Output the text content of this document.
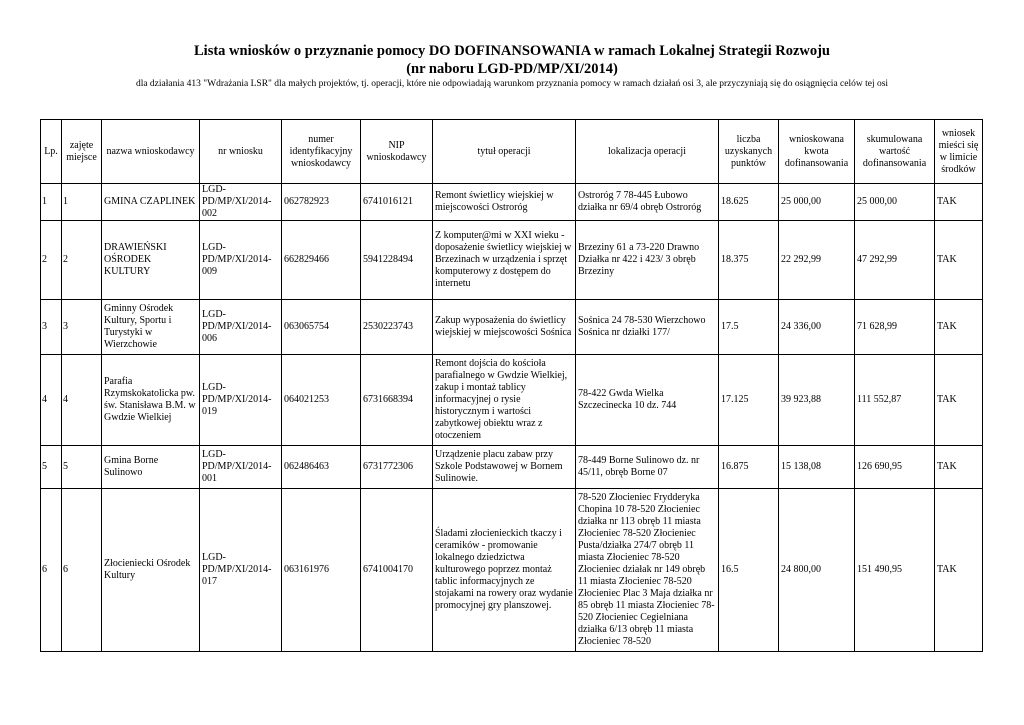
Lista wniosków o przyznanie pomocy DO DOFINANSOWANIA w ramach Lokalnej Strategii Rozwoju
(nr naboru LGD-PD/MP/XI/2014)
dla działania 413 "Wdrażania LSR" dla małych projektów, tj. operacji, które nie odpowiadają warunkom przyznania pomocy w ramach działań osi 3, ale przyczyniają się do osiągnięcia celów tej osi
Lp.	zajęte miejsce	nazwa wnioskodawcy	nr wniosku	numer identyfikacyjny wnioskodawcy	NIP wnioskodawcy	tytuł operacji	lokalizacja operacji	liczba uzyskanych punktów	wnioskowana kwota dofinansowania	skumulowana wartość dofinansowania	wniosek mieści się w limicie środków
1	1	GMINA CZAPLINEK	LGD-PD/MP/XI/2014-002	062782923	6741016121	Remont świetlicy wiejskiej w miejscowości Ostroróg	Ostroróg 7 78-445 Łubowo działka nr 69/4 obręb Ostroróg	18.625	25 000,00	25 000,00	TAK
2	2	DRAWIEŃSKI OŚRODEK KULTURY	LGD-PD/MP/XI/2014-009	662829466	5941228494	Z komputer@mi w XXI wieku - doposażenie świetlicy wiejskiej w Brzezinach w urządzenia i sprzęt komputerowy z dostępem do internetu	Brzeziny 61 a 73-220 Drawno Działka nr 422 i 423/ 3 obręb Brzeziny	18.375	22 292,99	47 292,99	TAK
3	3	Gminny Ośrodek Kultury, Sportu i Turystyki w Wierzchowie	LGD-PD/MP/XI/2014-006	063065754	2530223743	Zakup wyposażenia do świetlicy wiejskiej w miejscowości Sośnica	Sośnica 24 78-530 Wierzchowo Sośnica nr działki 177/	17.5	24 336,00	71 628,99	TAK
4	4	Parafia Rzymskokatolicka pw. św. Stanisława B.M. w Gwdzie Wielkiej	LGD-PD/MP/XI/2014-019	064021253	6731668394	Remont dojścia do kościoła parafialnego w Gwdzie Wielkiej, zakup i montaż tablicy informacyjnej o rysie historycznym i wartości zabytkowej obiektu wraz z otoczeniem	78-422 Gwda Wielka Szczecinecka 10 dz. 744	17.125	39 923,88	111 552,87	TAK
5	5	Gmina Borne Sulinowo	LGD-PD/MP/XI/2014-001	062486463	6731772306	Urządzenie placu zabaw przy Szkole Podstawowej w Bornem Sulinowie.	78-449 Borne Sulinowo dz. nr 45/11, obręb Borne 07	16.875	15 138,08	126 690,95	TAK
6	6	Złocieniecki Ośrodek Kultury	LGD-PD/MP/XI/2014-017	063161976	6741004170	Śladami złocienieckich tkaczy i ceramików - promowanie lokalnego dziedzictwa kulturowego poprzez montaż tablic informacyjnych ze stojakami na rowery oraz wydanie promocyjnej gry planszowej.	78-520 Złocieniec Frydderyka Chopina 10 78-520 Złocieniec działka nr 113 obręb 11 miasta Złocieniec 78-520 Złocieniec Pusta/działka 274/7 obręb 11 miasta Złocieniec 78-520 Złocieniec działak nr 149 obręb 11 miasta Złocieniec 78-520 Złocieniec Plac 3 Maja działka nr 85 obręb 11 miasta Złocieniec 78-520 Złocieniec Cegielniana działka 6/13 obręb 11 miasta Złocieniec 78-520	16.5	24 800,00	151 490,95	TAK
